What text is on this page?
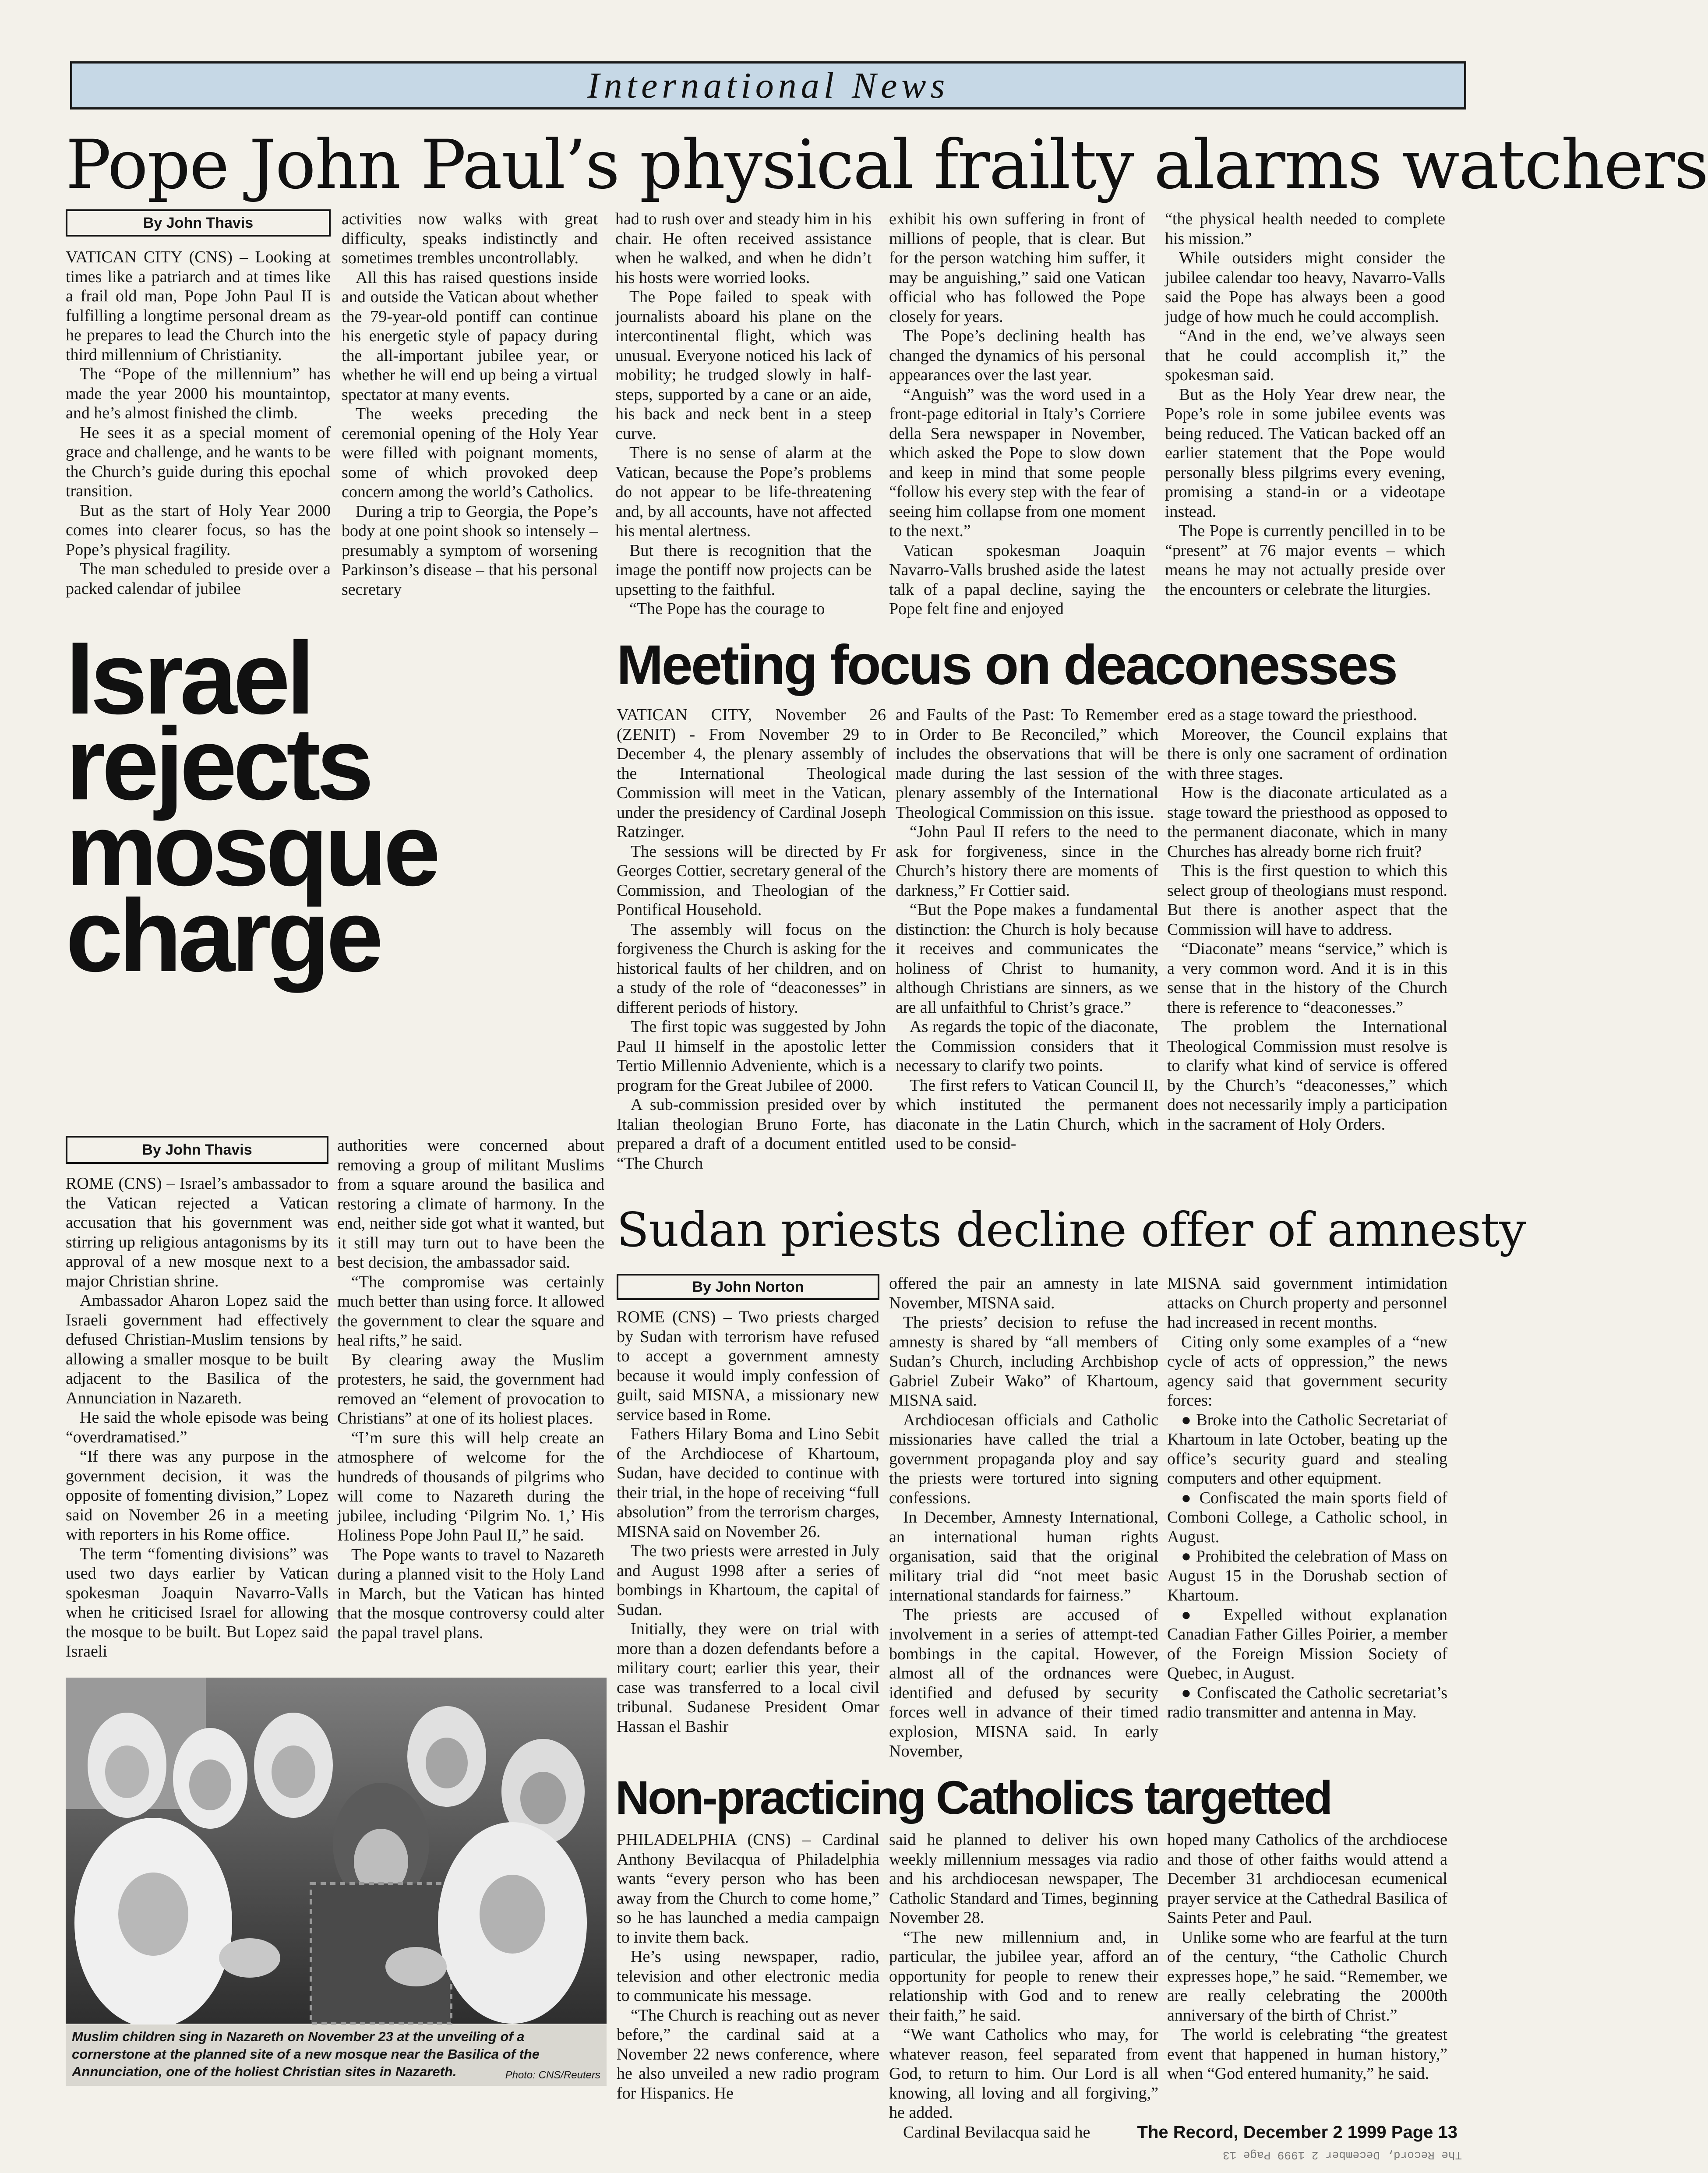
International News
Pope John Paul’s physical frailty alarms watchers
By John Thavis

VATICAN CITY (CNS) – Looking at times like a patriarch and at times like a frail old man, Pope John Paul II is fulfilling a longtime personal dream as he prepares to lead the Church into the third millennium of Christianity.

The “Pope of the millennium” has made the year 2000 his mountaintop, and he’s almost finished the climb.

He sees it as a special moment of grace and challenge, and he wants to be the Church’s guide during this epochal transition.

But as the start of Holy Year 2000 comes into clearer focus, so has the Pope’s physical fragility.

The man scheduled to preside over a packed calendar of jubilee

activities now walks with great difficulty, speaks indistinctly and sometimes trembles uncontrollably.

All this has raised questions inside and outside the Vatican about whether the 79-year-old pontiff can continue his energetic style of papacy during the all-important jubilee year, or whether he will end up being a virtual spectator at many events.

The weeks preceding the ceremonial opening of the Holy Year were filled with poignant moments, some of which provoked deep concern among the world’s Catholics.

During a trip to Georgia, the Pope’s body at one point shook so intensely – presumably a symptom of worsening Parkinson’s disease – that his personal secretary

had to rush over and steady him in his chair. He often received assistance when he walked, and when he didn’t his hosts were worried looks.

The Pope failed to speak with journalists aboard his plane on the intercontinental flight, which was unusual. Everyone noticed his lack of mobility; he trudged slowly in half-steps, supported by a cane or an aide, his back and neck bent in a steep curve.

There is no sense of alarm at the Vatican, because the Pope’s problems do not appear to be life-threatening and, by all accounts, have not affected his mental alertness.

But there is recognition that the image the pontiff now projects can be upsetting to the faithful.

“The Pope has the courage to

exhibit his own suffering in front of millions of people, that is clear. But for the person watching him suffer, it may be anguishing,” said one Vatican official who has followed the Pope closely for years.

The Pope’s declining health has changed the dynamics of his personal appearances over the last year.

“Anguish” was the word used in a front-page editorial in Italy’s Corriere della Sera newspaper in November, which asked the Pope to slow down and keep in mind that some people “follow his every step with the fear of seeing him collapse from one moment to the next.”

Vatican spokesman Joaquin Navarro-Valls brushed aside the latest talk of a papal decline, saying the Pope felt fine and enjoyed

“the physical health needed to complete his mission.”

While outsiders might consider the jubilee calendar too heavy, Navarro-Valls said the Pope has always been a good judge of how much he could accomplish.

“And in the end, we’ve always seen that he could accomplish it,” the spokesman said.

But as the Holy Year drew near, the Pope’s role in some jubilee events was being reduced. The Vatican backed off an earlier statement that the Pope would personally bless pilgrims every evening, promising a stand-in or a videotape instead.

The Pope is currently pencilled in to be “present” at 76 major events – which means he may not actually preside over the encounters or celebrate the liturgies.

Israel
rejects
mosque
charge
By John Thavis

ROME (CNS) – Israel’s ambassador to the Vatican rejected a Vatican accusation that his government was stirring up religious antagonisms by its approval of a new mosque next to a major Christian shrine.

Ambassador Aharon Lopez said the Israeli government had effectively defused Christian-Muslim tensions by allowing a smaller mosque to be built adjacent to the Basilica of the Annunciation in Nazareth.

He said the whole episode was being “overdramatised.”

“If there was any purpose in the government decision, it was the opposite of fomenting division,” Lopez said on November 26 in a meeting with reporters in his Rome office.

The term “fomenting divisions” was used two days earlier by Vatican spokesman Joaquin Navarro-Valls when he criticised Israel for allowing the mosque to be built. But Lopez said Israeli

authorities were concerned about removing a group of militant Muslims from a square around the basilica and restoring a climate of harmony. In the end, neither side got what it wanted, but it still may turn out to have been the best decision, the ambassador said.

“The compromise was certainly much better than using force. It allowed the government to clear the square and heal rifts,” he said.

By clearing away the Muslim protesters, he said, the government had removed an “element of provocation to Christians” at one of its holiest places.

“I’m sure this will help create an atmosphere of welcome for the hundreds of thousands of pilgrims who will come to Nazareth during the jubilee, including ‘Pilgrim No. 1,’ His Holiness Pope John Paul II,” he said.

The Pope wants to travel to Nazareth during a planned visit to the Holy Land in March, but the Vatican has hinted that the mosque controversy could alter the papal travel plans.

Muslim children sing in Nazareth on November 23 at the unveiling of a cornerstone at the planned site of a new mosque near the Basilica of the Annunciation, one of the holiest Christian sites in Nazareth.	Photo: CNS/Reuters
Meeting focus on deaconesses

VATICAN CITY, November 26 (ZENIT) - From November 29 to December 4, the plenary assembly of the International Theological Commission will meet in the Vatican, under the presidency of Cardinal Joseph Ratzinger.

The sessions will be directed by Fr Georges Cottier, secretary general of the Commission, and Theologian of the Pontifical Household.

The assembly will focus on the forgiveness the Church is asking for the historical faults of her children, and on a study of the role of “deaconesses” in different periods of history.

The first topic was suggested by John Paul II himself in the apostolic letter Tertio Millennio Adveniente, which is a program for the Great Jubilee of 2000.

A sub-commission presided over by Italian theologian Bruno Forte, has prepared a draft of a document entitled “The Church

and Faults of the Past: To Remember in Order to Be Reconciled,” which includes the observations that will be made during the last session of the plenary assembly of the International Theological Commission on this issue.

“John Paul II refers to the need to ask for forgiveness, since in the Church’s history there are moments of darkness,” Fr Cottier said.

“But the Pope makes a fundamental distinction: the Church is holy because it receives and communicates the holiness of Christ to humanity, although Christians are sinners, as we are all unfaithful to Christ’s grace.”

As regards the topic of the diaconate, the Commission considers that it necessary to clarify two points.

The first refers to Vatican Council II, which instituted the permanent diaconate in the Latin Church, which used to be consid-

ered as a stage toward the priesthood.

Moreover, the Council explains that there is only one sacrament of ordination with three stages.

How is the diaconate articulated as a stage toward the priesthood as opposed to the permanent diaconate, which in many Churches has already borne rich fruit?

This is the first question to which this select group of theologians must respond. But there is another aspect that the Commission will have to address.

“Diaconate” means “service,” which is a very common word. And it is in this sense that in the history of the Church there is reference to “deaconesses.”

The problem the International Theological Commission must resolve is to clarify what kind of service is offered by the Church’s “deaconesses,” which does not necessarily imply a participation in the sacrament of Holy Orders.

Sudan priests decline offer of amnesty
By John Norton

ROME (CNS) – Two priests charged by Sudan with terrorism have refused to accept a government amnesty because it would imply confession of guilt, said MISNA, a missionary new service based in Rome.

Fathers Hilary Boma and Lino Sebit of the Archdiocese of Khartoum, Sudan, have decided to continue with their trial, in the hope of receiving “full absolution” from the terrorism charges, MISNA said on November 26.

The two priests were arrested in July and August 1998 after a series of bombings in Khartoum, the capital of Sudan.

Initially, they were on trial with more than a dozen defendants before a military court; earlier this year, their case was transferred to a local civil tribunal. Sudanese President Omar Hassan el Bashir

offered the pair an amnesty in late November, MISNA said.

The priests’ decision to refuse the amnesty is shared by “all members of Sudan’s Church, including Archbishop Gabriel Zubeir Wako” of Khartoum, MISNA said.

Archdiocesan officials and Catholic missionaries have called the trial a government propaganda ploy and say the priests were tortured into signing confessions.

In December, Amnesty International, an international human rights organisation, said that the original military trial did “not meet basic international standards for fairness.”

The priests are accused of involvement in a series of attempt-ted bombings in the capital. However, almost all of the ordnances were identified and defused by security forces well in advance of their timed explosion, MISNA said. In early November,

MISNA said government intimidation attacks on Church property and personnel had increased in recent months.

Citing only some examples of a “new cycle of acts of oppression,” the news agency said that government security forces:

● Broke into the Catholic Secretariat of Khartoum in late October, beating up the office’s security guard and stealing computers and other equipment.

● Confiscated the main sports field of Comboni College, a Catholic school, in August.

● Prohibited the celebration of Mass on August 15 in the Dorushab section of Khartoum.

● Expelled without explanation Canadian Father Gilles Poirier, a member of the Foreign Mission Society of Quebec, in August.

● Confiscated the Catholic secretariat’s radio transmitter and antenna in May.

Non-practicing Catholics targetted

PHILADELPHIA (CNS) – Cardinal Anthony Bevilacqua of Philadelphia wants “every person who has been away from the Church to come home,” so he has launched a media campaign to invite them back.

He’s using newspaper, radio, television and other electronic media to communicate his message.

“The Church is reaching out as never before,” the cardinal said at a November 22 news conference, where he also unveiled a new radio program for Hispanics. He

said he planned to deliver his own weekly millennium messages via radio and his archdiocesan newspaper, The Catholic Standard and Times, beginning November 28.

“The new millennium and, in particular, the jubilee year, afford an opportunity for people to renew their relationship with God and to renew their faith,” he said.

“We want Catholics who may, for whatever reason, feel separated from God, to return to him. Our Lord is all knowing, all loving and all forgiving,” he added.

Cardinal Bevilacqua said he

hoped many Catholics of the archdiocese and those of other faiths would attend a December 31 archdiocesan ecumenical prayer service at the Cathedral Basilica of Saints Peter and Paul.

Unlike some who are fearful at the turn of the century, “the Catholic Church expresses hope,” he said. “Remember, we are really celebrating the 2000th anniversary of the birth of Christ.”

The world is celebrating “the greatest event that happened in human history,” when “God entered humanity,” he said.

The Record, December 2 1999 Page 13
The Record, December 2 1999 Page 13
